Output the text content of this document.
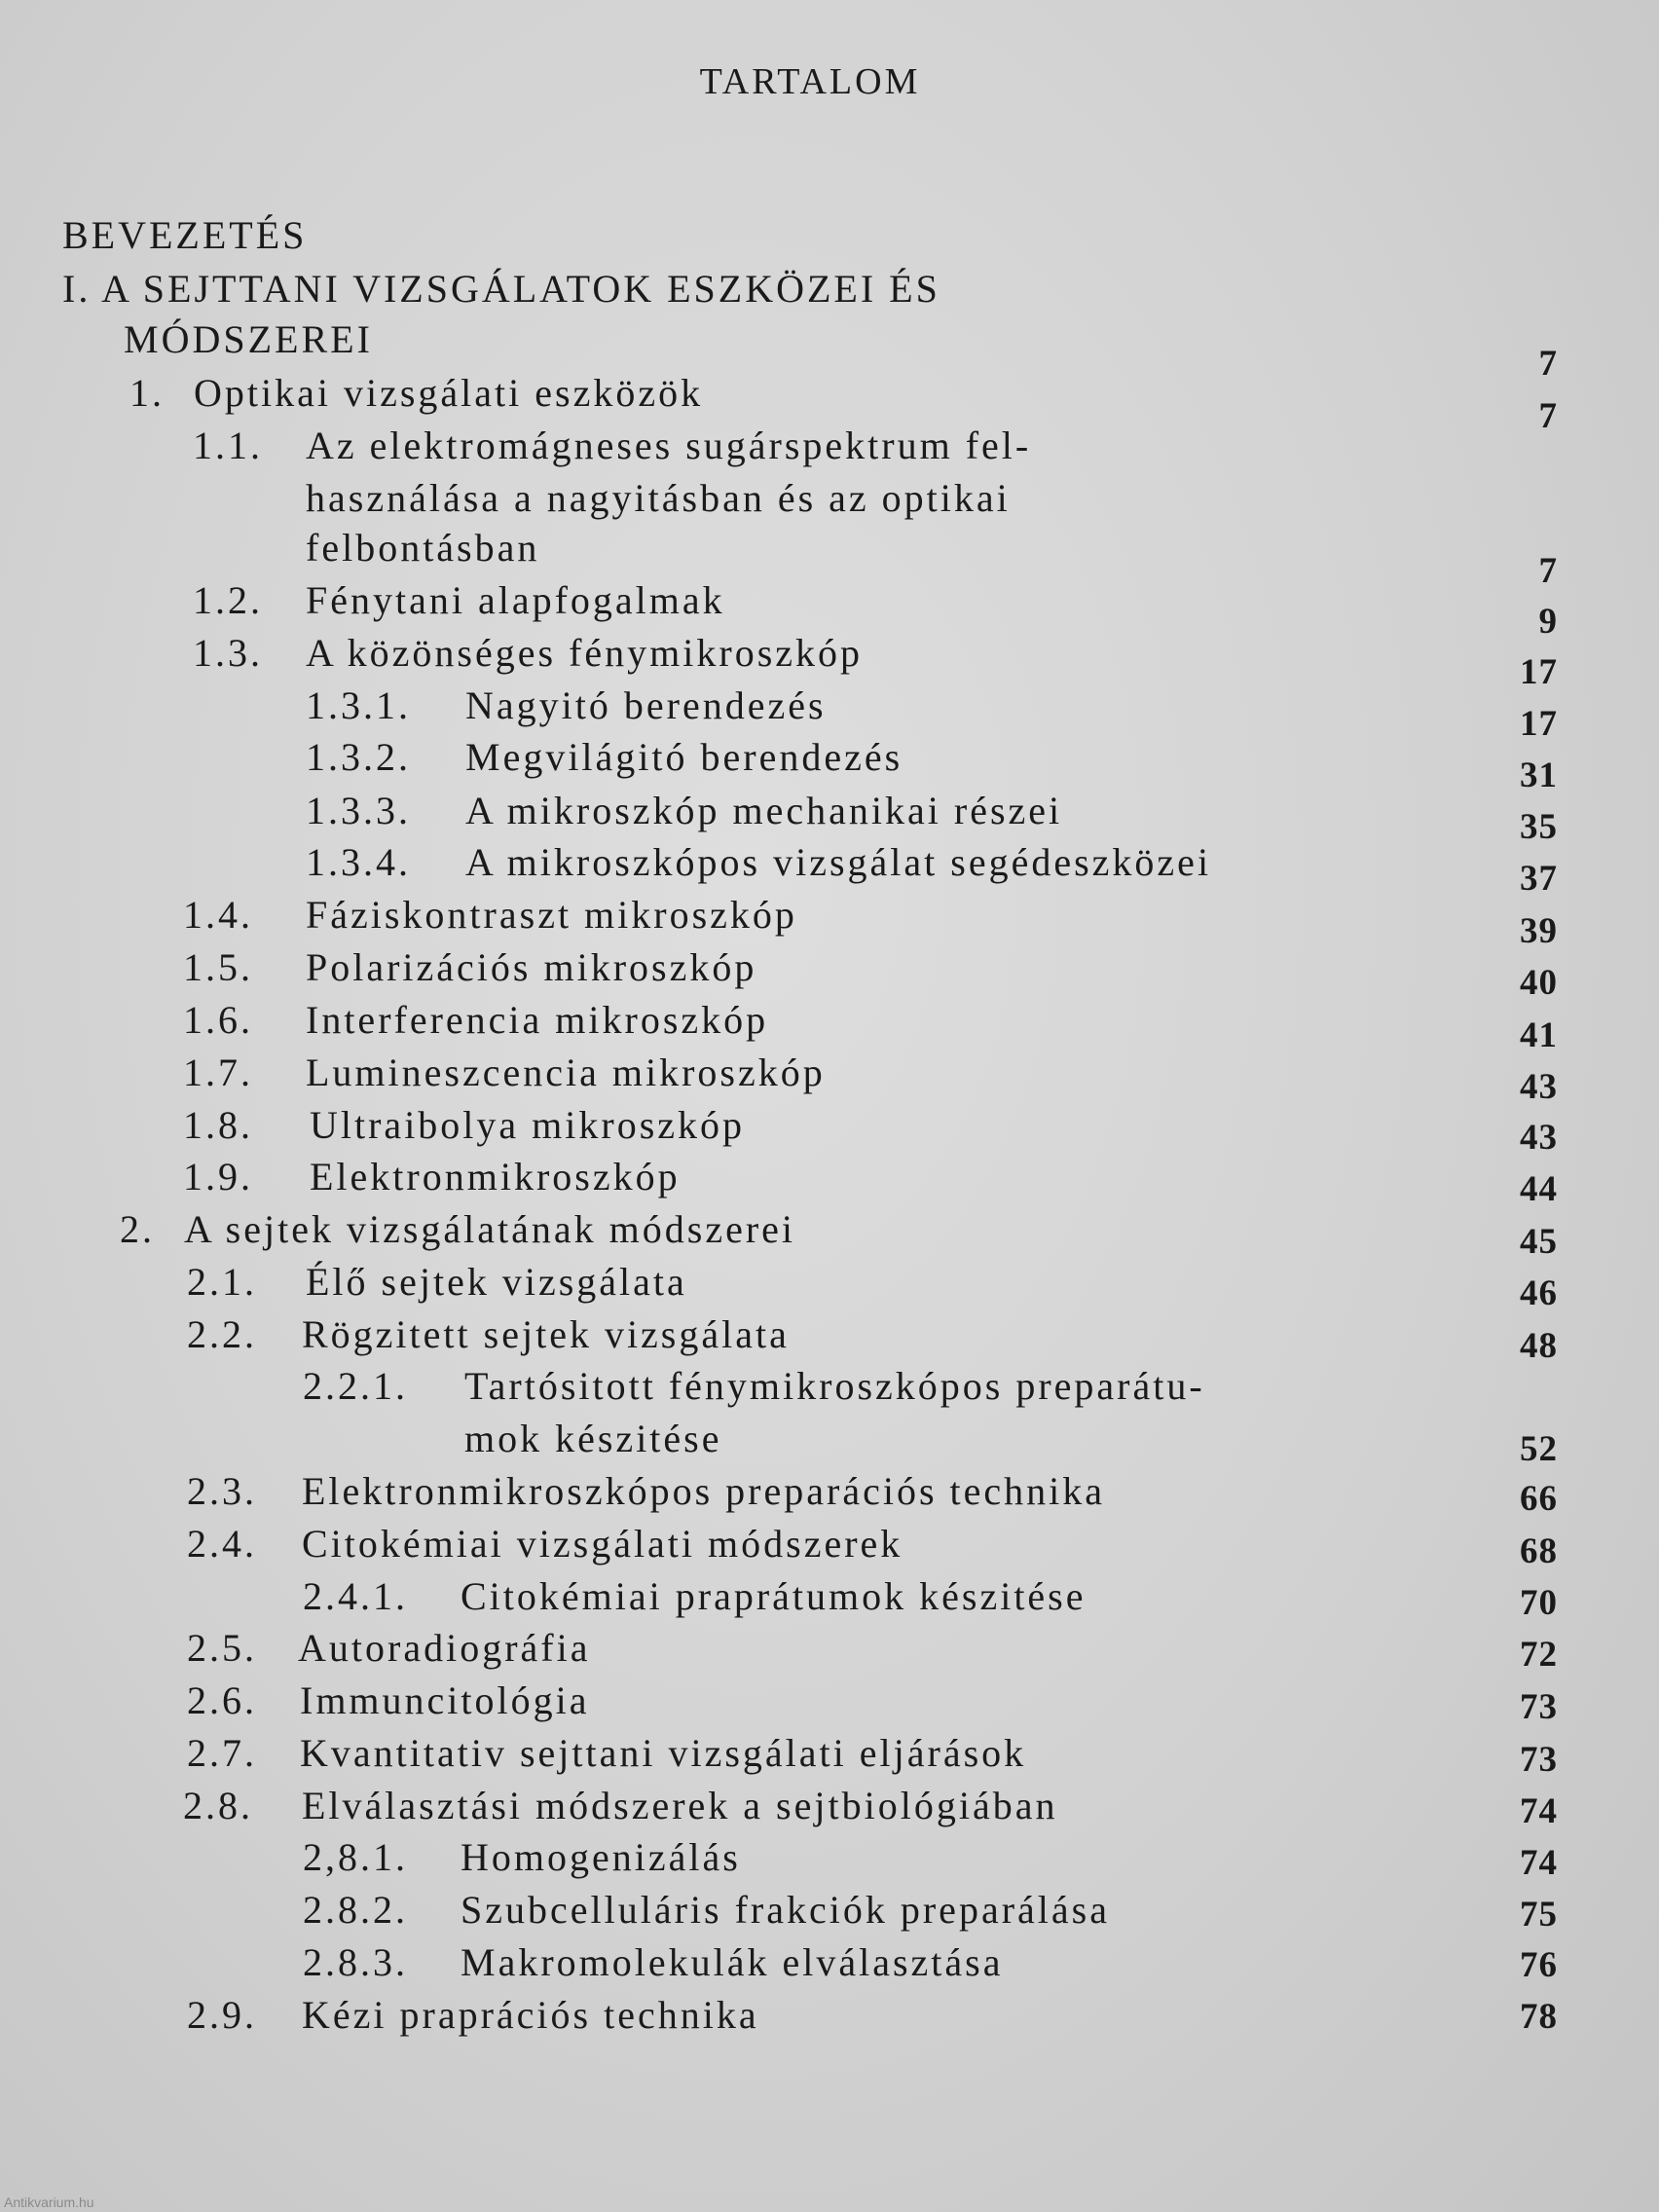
TARTALOM
BEVEZETÉS
I. A SEJTTANI VIZSGÁLATOK ESZKÖZEI ÉS
MÓDSZEREI
1. Optikai vizsgálati eszközök
1.1. Az elektromágneses sugárspektrum fel-
használása a nagyitásban és az optikai
felbontásban
1.2. Fénytani alapfogalmak
1.3. A közönséges fénymikroszkóp
1.3.1. Nagyitó berendezés
1.3.2. Megvilágitó berendezés
1.3.3. A mikroszkóp mechanikai részei
1.3.4. A mikroszkópos vizsgálat segédeszközei
1.4. Fáziskontraszt mikroszkóp
1.5. Polarizációs mikroszkóp
1.6. Interferencia mikroszkóp
1.7. Lumineszcencia mikroszkóp
1.8. Ultraibolya mikroszkóp
1.9. Elektronmikroszkóp
2. A sejtek vizsgálatának módszerei
2.1. Élő sejtek vizsgálata
2.2. Rögzitett sejtek vizsgálata
2.2.1. Tartósitott fénymikroszkópos preparátu-
mok készitése
2.3. Elektronmikroszkópos preparációs technika
2.4. Citokémiai vizsgálati módszerek
2.4.1. Citokémiai praprátumok készitése
2.5. Autoradiográfia
2.6. Immuncitológia
2.7. Kvantitativ sejttani vizsgálati eljárások
2.8. Elválasztási módszerek a sejtbiológiában
2,8.1. Homogenizálás
2.8.2. Szubcelluláris frakciók preparálása
2.8.3. Makromolekulák elválasztása
2.9. Kézi praprációs technika
7
7
7
9
17
17
31
35
37
39
40
41
43
43
44
45
46
48
52
66
68
70
72
73
73
74
74
75
76
78
Antikvarium.hu
